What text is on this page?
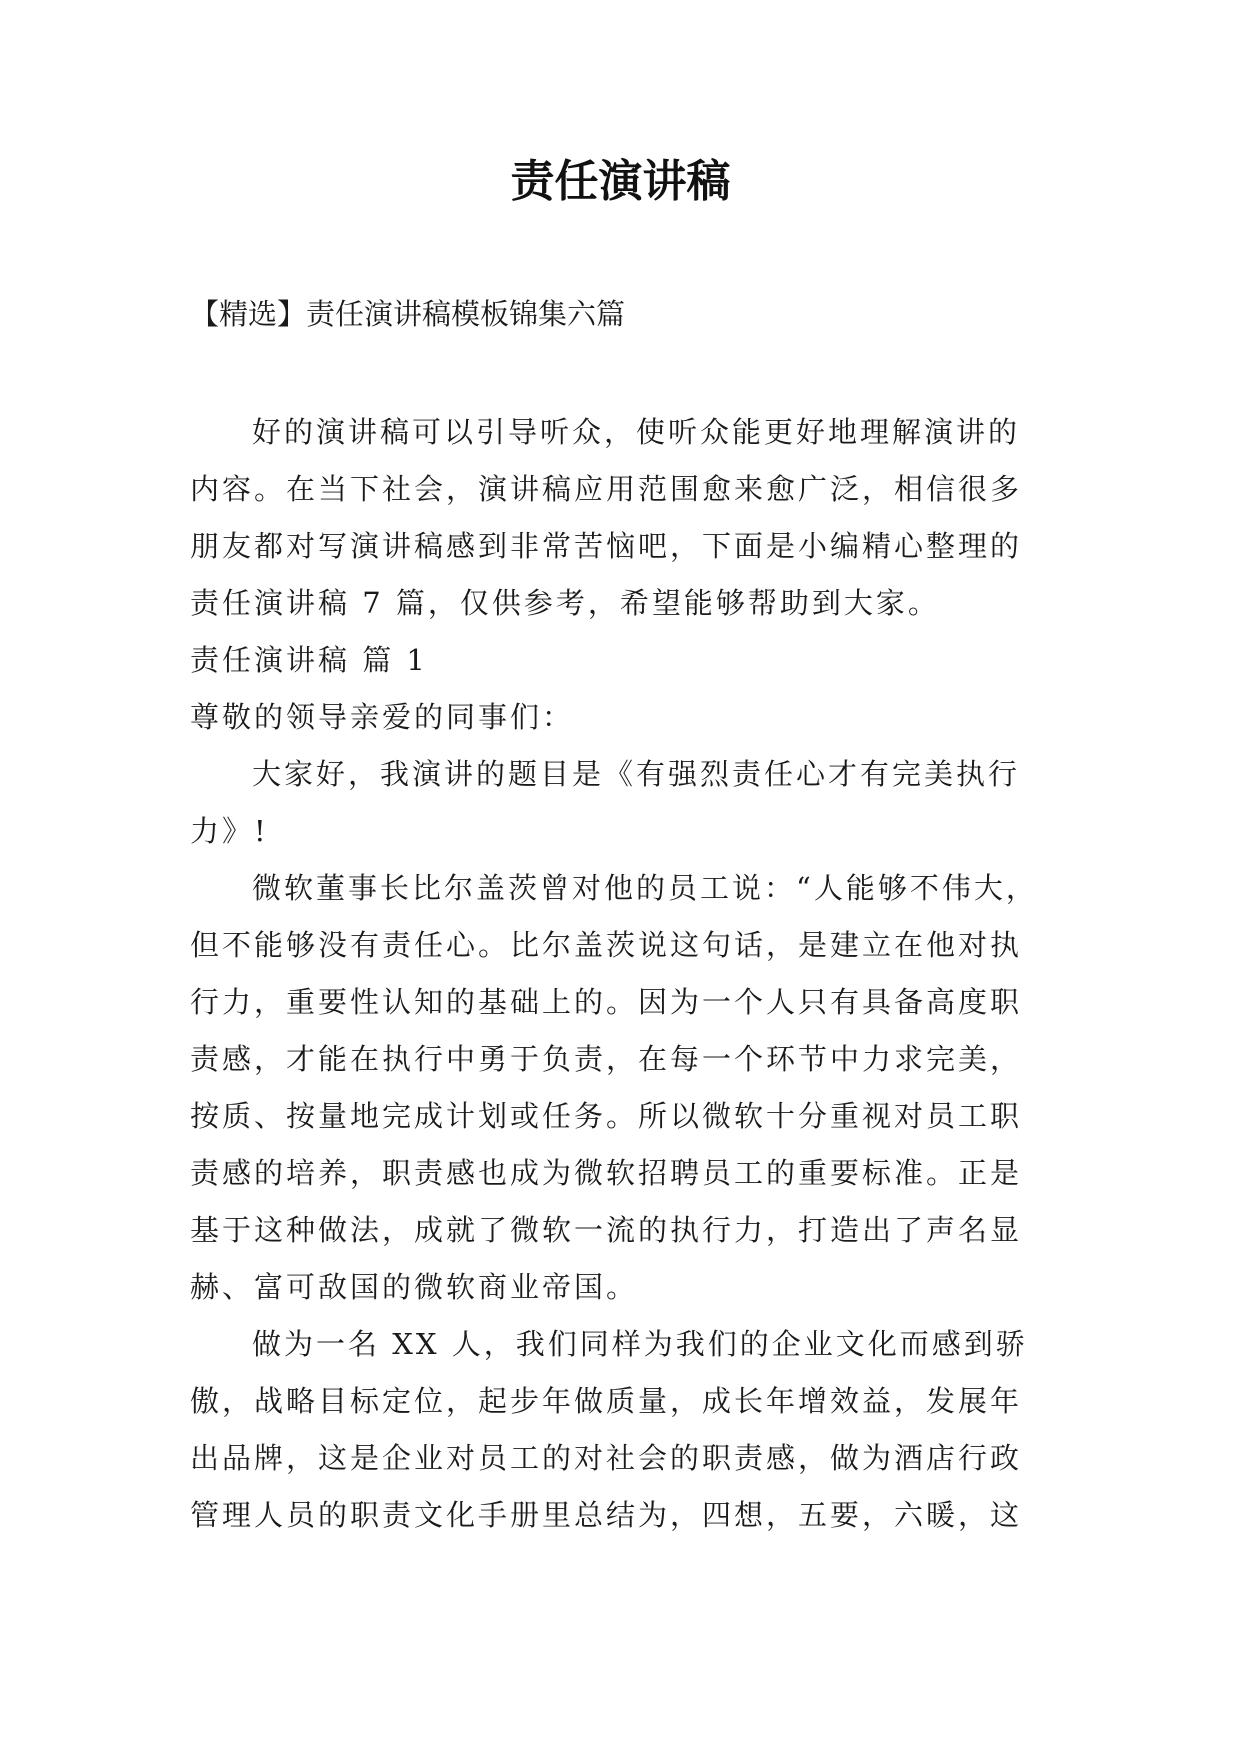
责任演讲稿
【精选】责任演讲稿模板锦集六篇
好的演讲稿可以引导听众，使听众能更好地理解演讲的
内容。在当下社会，演讲稿应用范围愈来愈广泛，相信很多
朋友都对写演讲稿感到非常苦恼吧，下面是小编精心整理的
责任演讲稿 7 篇，仅供参考，希望能够帮助到大家。
责任演讲稿 篇 1
尊敬的领导亲爱的同事们：
大家好，我演讲的题目是《有强烈责任心才有完美执行
力》!
微软董事长比尔盖茨曾对他的员工说：“人能够不伟大，
但不能够没有责任心。比尔盖茨说这句话，是建立在他对执
行力，重要性认知的基础上的。因为一个人只有具备高度职
责感，才能在执行中勇于负责，在每一个环节中力求完美，
按质、按量地完成计划或任务。所以微软十分重视对员工职
责感的培养，职责感也成为微软招聘员工的重要标准。正是
基于这种做法，成就了微软一流的执行力，打造出了声名显
赫、富可敌国的微软商业帝国。
做为一名 XX 人，我们同样为我们的企业文化而感到骄
傲，战略目标定位，起步年做质量，成长年增效益，发展年
出品牌，这是企业对员工的对社会的职责感，做为酒店行政
管理人员的职责文化手册里总结为，四想，五要，六暖，这
